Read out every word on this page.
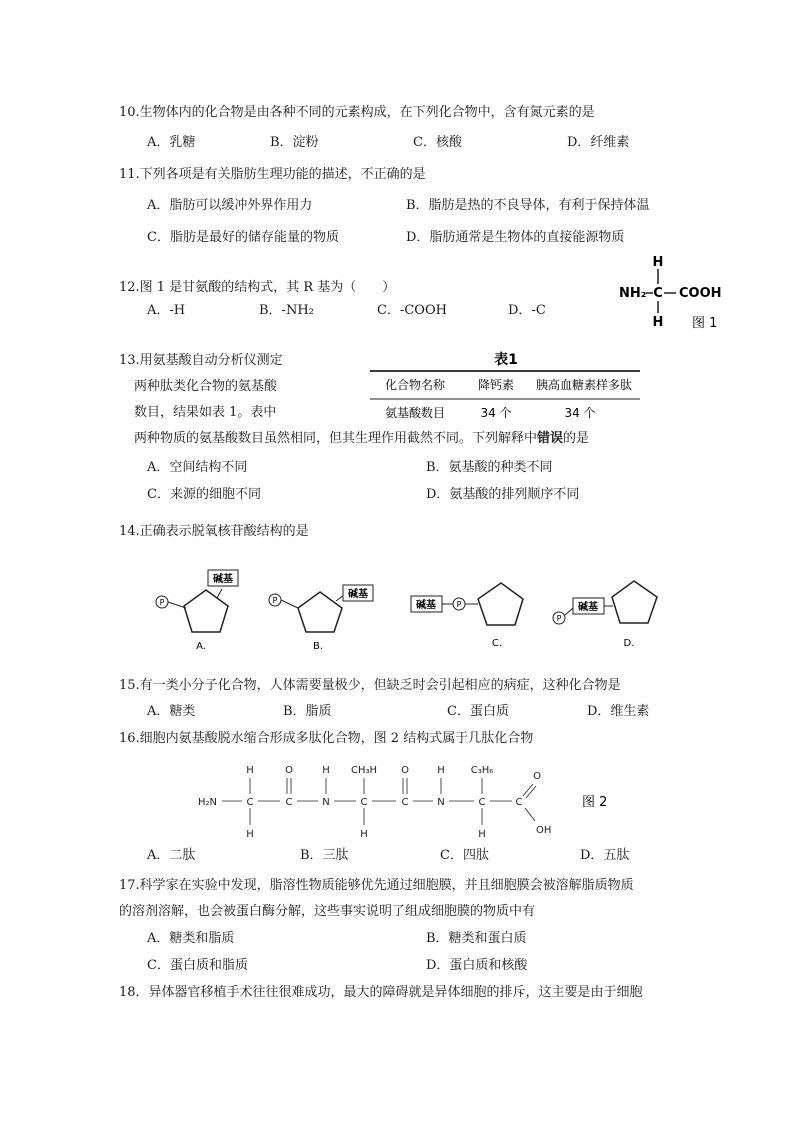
10.生物体内的化合物是由各种不同的元素构成，在下列化合物中，含有氮元素的是
A．乳糖	B．淀粉	C．核酸	D．纤维素
11.下列各项是有关脂肪生理功能的描述，不正确的是
A．脂肪可以缓冲外界作用力	B．脂肪是热的不良导体，有利于保持体温
C．脂肪是最好的储存能量的物质	D．脂肪通常是生物体的直接能源物质
12.图 1 是甘氨酸的结构式，其 R 基为（　　）
A．-H	B．-NH₂	C．-COOH	D．-C
H
NH₂ C COOH
H 图 1
13.用氨基酸自动分析仪测定
两种肽类化合物的氨基酸
数目，结果如表 1。表中
两种物质的氨基酸数目虽然相同，但其生理作用截然不同。下列解释中错误的是
表1
化合物名称	降钙素 胰高血糖素样多肽
氨基酸数目	34 个	34 个
A．空间结构不同	B．氨基酸的种类不同
C．来源的细胞不同	D．氨基酸的排列顺序不同
14.正确表示脱氧核苷酸结构的是
P
碱基
A.
P
碱基
B.
碱基	P
C.
P
碱基
D.
15.有一类小分子化合物，人体需要量极少，但缺乏时会引起相应的病症，这种化合物是
A．糖类	B．脂质	C．蛋白质	D．维生素
16.细胞内氨基酸脱水缩合形成多肽化合物，图 2 结构式属于几肽化合物
H	O	H CH₃H O	H	C₃H₆
O
H₂N	C	C	N	C	C	N	C	C
H	H	H	OH
图 2
A．二肽	B．三肽	C．四肽	D．五肽
17.科学家在实验中发现，脂溶性物质能够优先通过细胞膜，并且细胞膜会被溶解脂质物质
的溶剂溶解，也会被蛋白酶分解，这些事实说明了组成细胞膜的物质中有
A．糖类和脂质	B．糖类和蛋白质
C．蛋白质和脂质	D．蛋白质和核酸
18．异体器官移植手术往往很难成功，最大的障碍就是异体细胞的排斥，这主要是由于细胞
